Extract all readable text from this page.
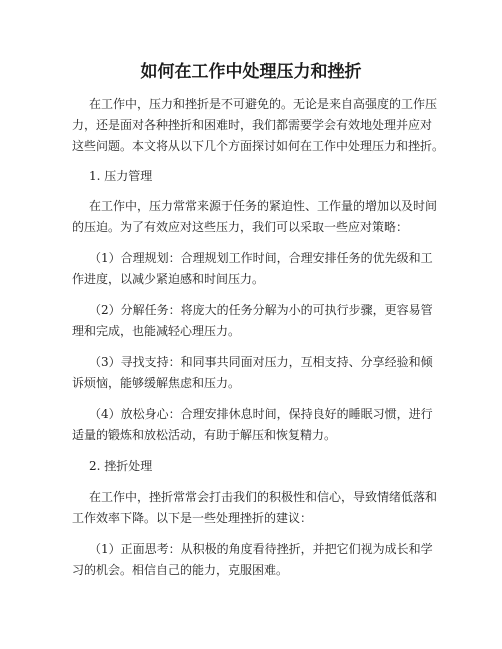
如何在工作中处理压力和挫折
在工作中，压力和挫折是不可避免的。无论是来自高强度的工作压
力，还是面对各种挫折和困难时，我们都需要学会有效地处理并应对
这些问题。本文将从以下几个方面探讨如何在工作中处理压力和挫折。
1. 压力管理
在工作中，压力常常来源于任务的紧迫性、工作量的增加以及时间
的压迫。为了有效应对这些压力，我们可以采取一些应对策略：
（1）合理规划：合理规划工作时间，合理安排任务的优先级和工
作进度，以减少紧迫感和时间压力。
（2）分解任务：将庞大的任务分解为小的可执行步骤，更容易管
理和完成，也能减轻心理压力。
（3）寻找支持：和同事共同面对压力，互相支持、分享经验和倾
诉烦恼，能够缓解焦虑和压力。
（4）放松身心：合理安排休息时间，保持良好的睡眠习惯，进行
适量的锻炼和放松活动，有助于解压和恢复精力。
2. 挫折处理
在工作中，挫折常常会打击我们的积极性和信心，导致情绪低落和
工作效率下降。以下是一些处理挫折的建议：
（1）正面思考：从积极的角度看待挫折，并把它们视为成长和学
习的机会。相信自己的能力，克服困难。
